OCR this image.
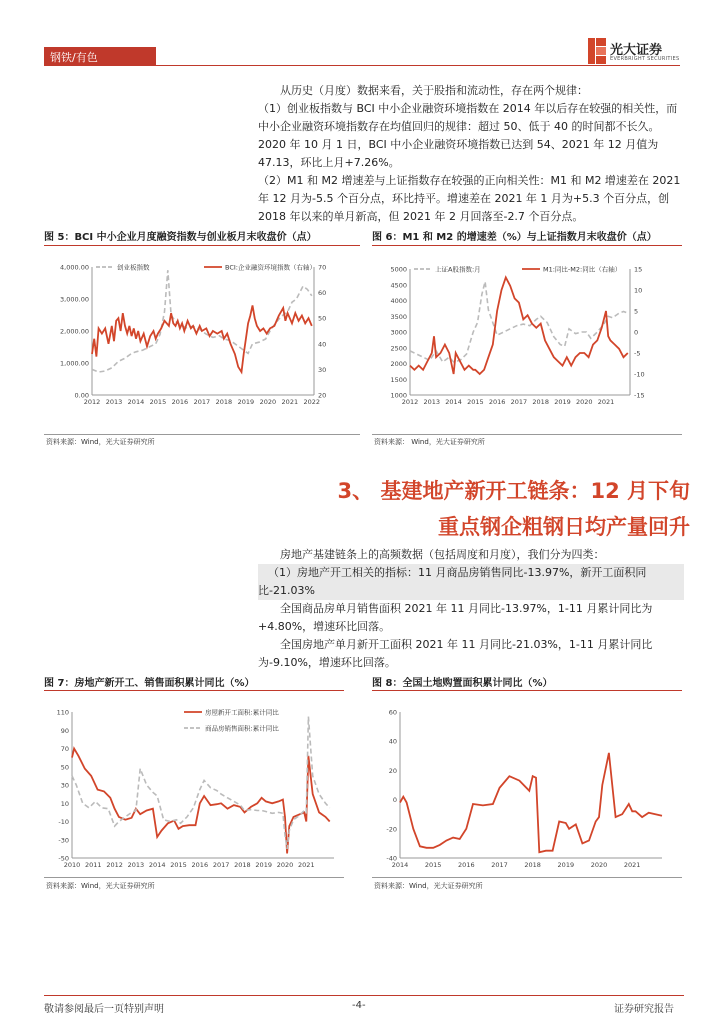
钢铁/有色	光大证券
EVERBRIGHT SECURITIES
从历史（月度）数据来看，关于股指和流动性，存在两个规律：
（1）创业板指数与 BCI 中小企业融资环境指数在 2014 年以后存在较强的相关性，而中小企业融资环境指数存在均值回归的规律：超过 50、低于 40 的时间都不长久。2020 年 10 月 1 日，BCI 中小企业融资环境指数已达到 54、2021 年 12 月值为 47.13，环比上月+7.26%。
（2）M1 和 M2 增速差与上证指数存在较强的正向相关性：M1 和 M2 增速差在 2021 年 12 月为-5.5 个百分点，环比持平。增速差在 2021 年 1 月为+5.3 个百分点，创 2018 年以来的单月新高，但 2021 年 2 月回落至-2.7 个百分点。
图 5：BCI 中小企业月度融资指数与创业板月末收盘价（点）
0.00
1,000.00
2,000.00
3,000.00
4,000.00
20
30
40
50
60
70
2012 2013 2014 2015 2016 2017 2018 2019 2020 2021 2022
创业板指数	BCI:企业融资环境指数（右轴）
资料来源：Wind，光大证券研究所
图 6：M1 和 M2 的增速差（%）与上证指数月末收盘价（点）
1000
1500
2000
2500
3000
3500
4000
4500
5000
-15
-10
-5
0
5
10
15
2012 2013 2014 2015 2016 2017 2018 2019 2020 2021
上证A股指数:月	M1:同比-M2:同比（右轴）
资料来源： Wind，光大证券研究所
3、 基建地产新开工链条：12 月下旬
重点钢企粗钢日均产量回升
房地产基建链条上的高频数据（包括周度和月度），我们分为四类：
（1）房地产开工相关的指标：11 月商品房销售同比-13.97%，新开工面积同比-21.03%
全国商品房单月销售面积 2021 年 11 月同比-13.97%，1-11 月累计同比为+4.80%，增速环比回落。
全国房地产单月新开工面积 2021 年 11 月同比-21.03%，1-11 月累计同比为-9.10%，增速环比回落。
图 7：房地产新开工、销售面积累计同比（%）
-50
-30
-10
10
30
50
70
90
110
2010 2011 2012 2013 2014 2015 2016 2017 2018 2019 2020 2021
房屋新开工面积:累计同比
商品房销售面积:累计同比
资料来源：Wind，光大证券研究所
图 8：全国土地购置面积累计同比（%）
-40
-20
0
20
40
60
2014	2015	2016	2017	2018	2019	2020	2021
资料来源：Wind，光大证券研究所
敬请参阅最后一页特别声明	-4-	证券研究报告
